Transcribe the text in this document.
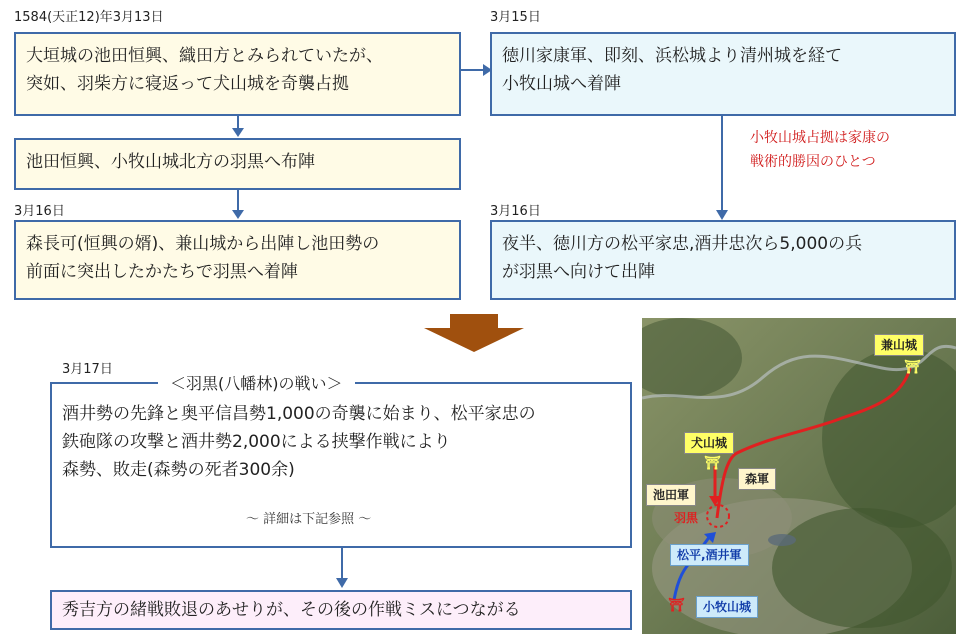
1584(天正12)年3月13日
大垣城の池田恒興、織田方とみられていたが、
突如、羽柴方に寝返って犬山城を奇襲占拠
池田恒興、小牧山城北方の羽黒へ布陣
3月16日
森長可(恒興の婿)、兼山城から出陣し池田勢の
前面に突出したかたちで羽黒へ着陣
3月15日
徳川家康軍、即刻、浜松城より清州城を経て
小牧山城へ着陣
小牧山城占拠は家康の
戦術的勝因のひとつ
3月16日
夜半、徳川方の松平家忠,酒井忠次ら5,000の兵
が羽黒へ向けて出陣
3月17日
酒井勢の先鋒と奥平信昌勢1,000の奇襲に始まり、松平家忠の
鉄砲隊の攻撃と酒井勢2,000による挟撃作戦により
森勢、敗走(森勢の死者300余)
＜羽黒(八幡林)の戦い＞
～ 詳細は下記参照 ～
秀吉方の緒戦敗退のあせりが、その後の作戦ミスにつながる
⛩
⛩
⛩
兼山城
犬山城
森軍
池田軍
羽黒
松平,酒井軍
小牧山城
